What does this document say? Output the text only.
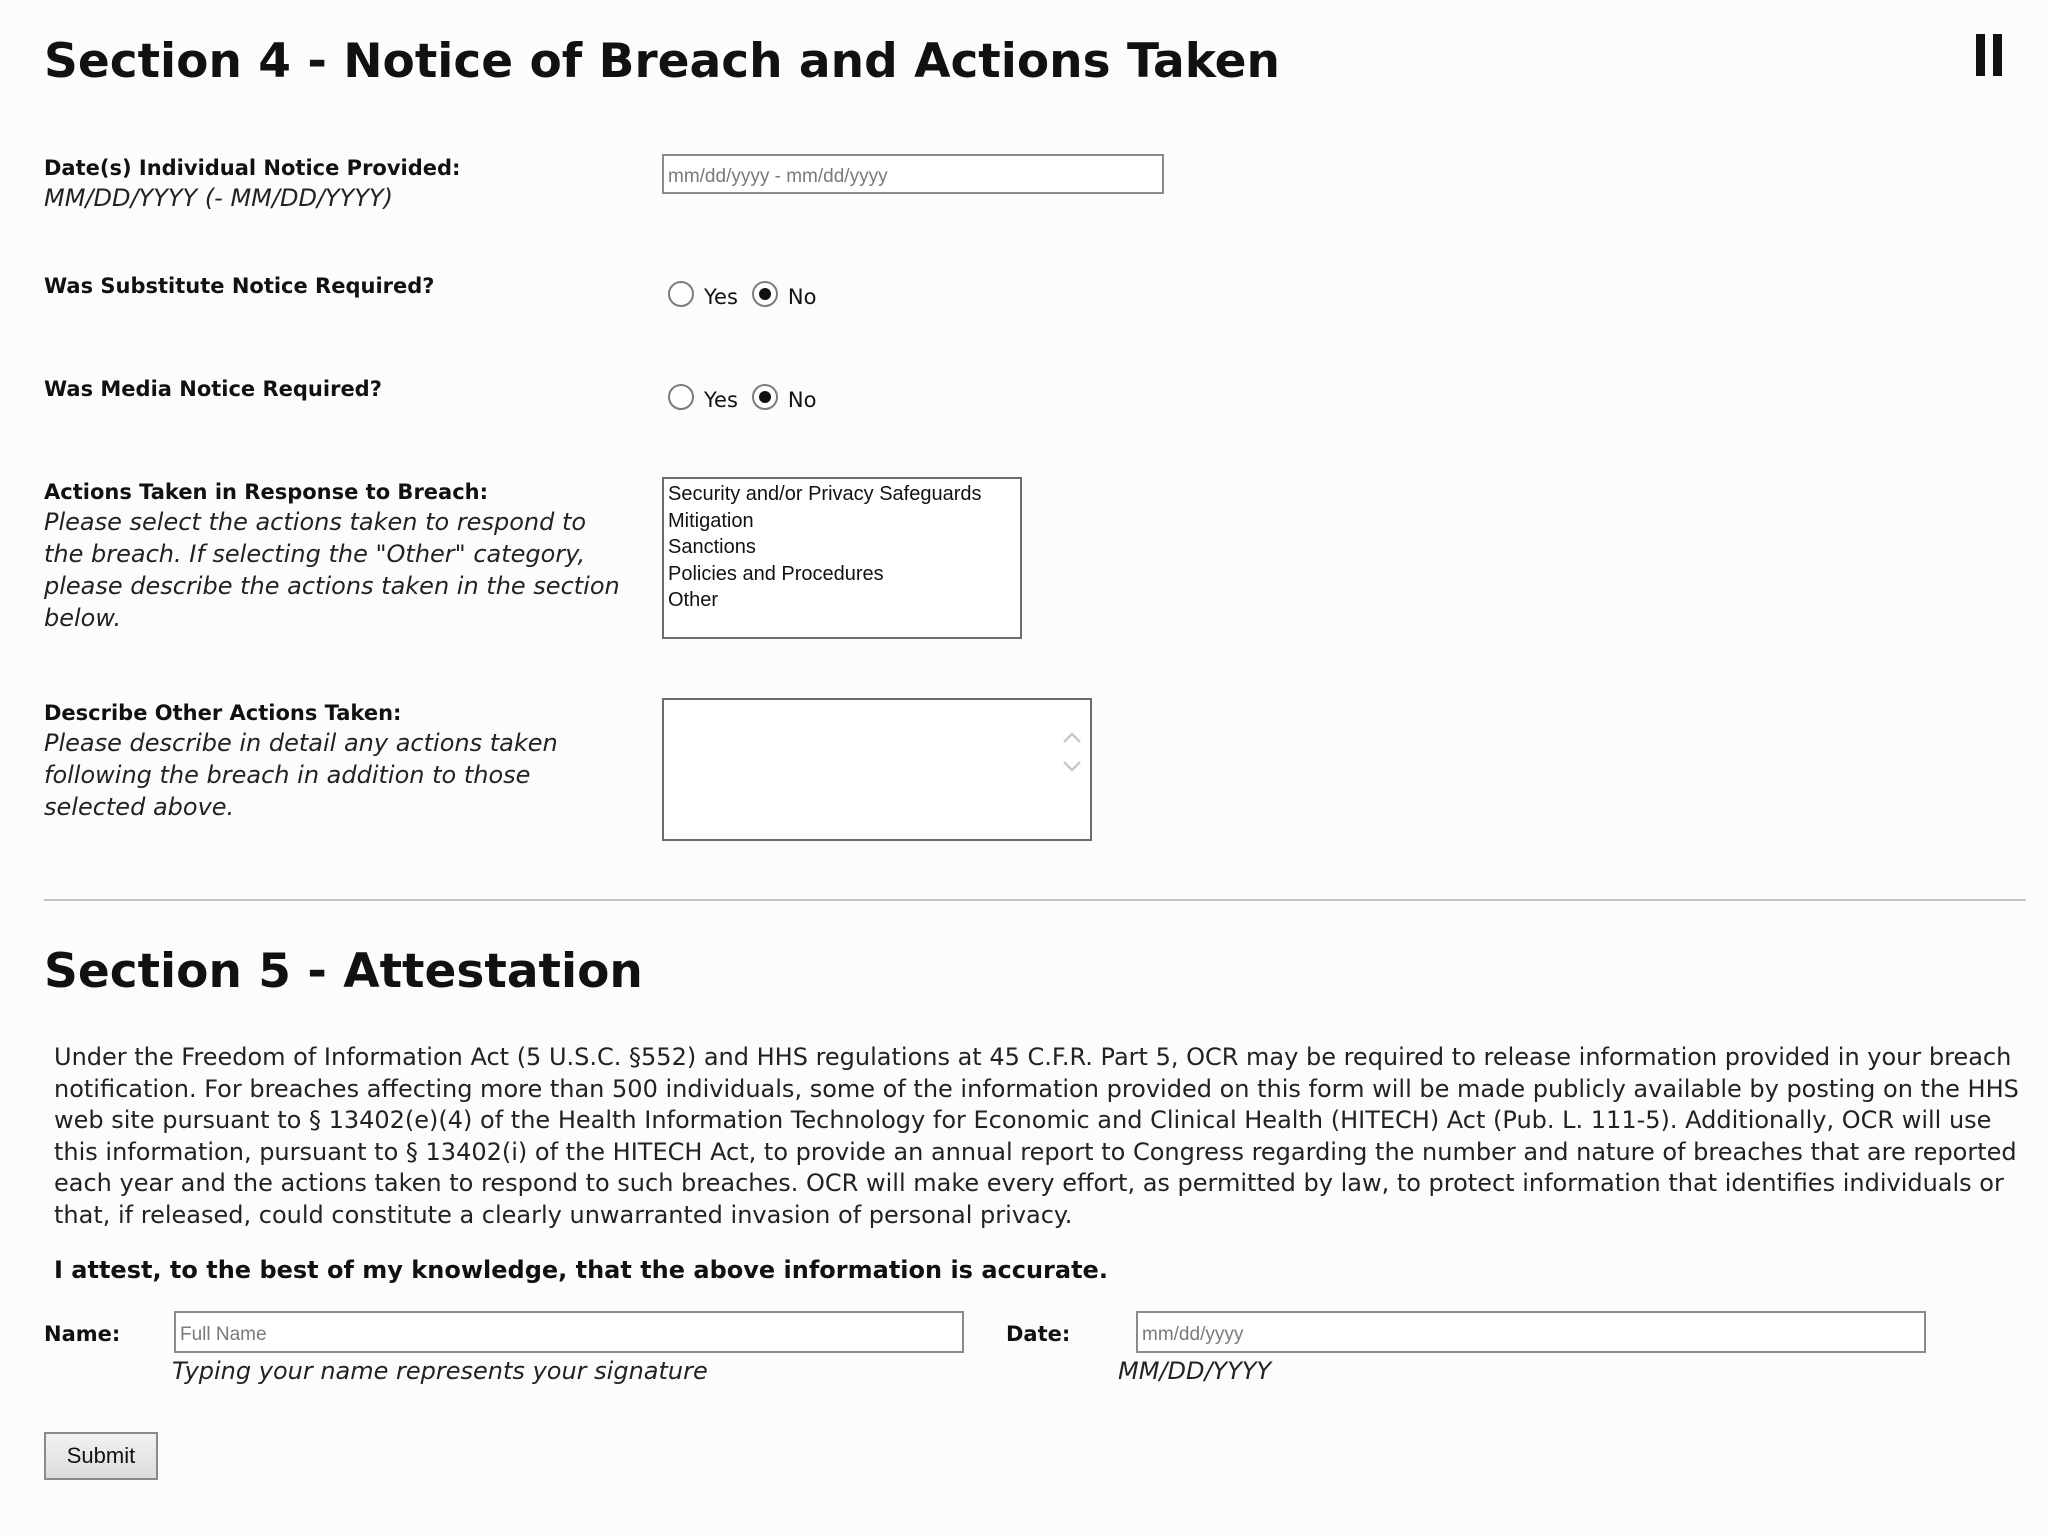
Section 4 - Notice of Breach and Actions Taken
Date(s) Individual Notice Provided:
MM/DD/YYYY (- MM/DD/YYYY)
mm/dd/yyyy - mm/dd/yyyy
Was Substitute Notice Required?	Yes No
Was Media Notice Required?	Yes No
Actions Taken in Response to Breach:
Please select the actions taken to respond to the breach. If selecting the "Other" category, please describe the actions taken in the section below.
Security and/or Privacy Safeguards
Mitigation
Sanctions
Policies and Procedures
Other
Describe Other Actions Taken:
Please describe in detail any actions taken following the breach in addition to those selected above.
Section 5 - Attestation
Under the Freedom of Information Act (5 U.S.C. §552) and HHS regulations at 45 C.F.R. Part 5, OCR may be required to release information provided in your breach notification. For breaches affecting more than 500 individuals, some of the information provided on this form will be made publicly available by posting on the HHS web site pursuant to § 13402(e)(4) of the Health Information Technology for Economic and Clinical Health (HITECH) Act (Pub. L. 111-5). Additionally, OCR will use this information, pursuant to § 13402(i) of the HITECH Act, to provide an annual report to Congress regarding the number and nature of breaches that are reported each year and the actions taken to respond to such breaches. OCR will make every effort, as permitted by law, to protect information that identifies individuals or that, if released, could constitute a clearly unwarranted invasion of personal privacy.
I attest, to the best of my knowledge, that the above information is accurate.
Name:
Full Name
Typing your name represents your signature
Date:
mm/dd/yyyy
MM/DD/YYYY
Submit
